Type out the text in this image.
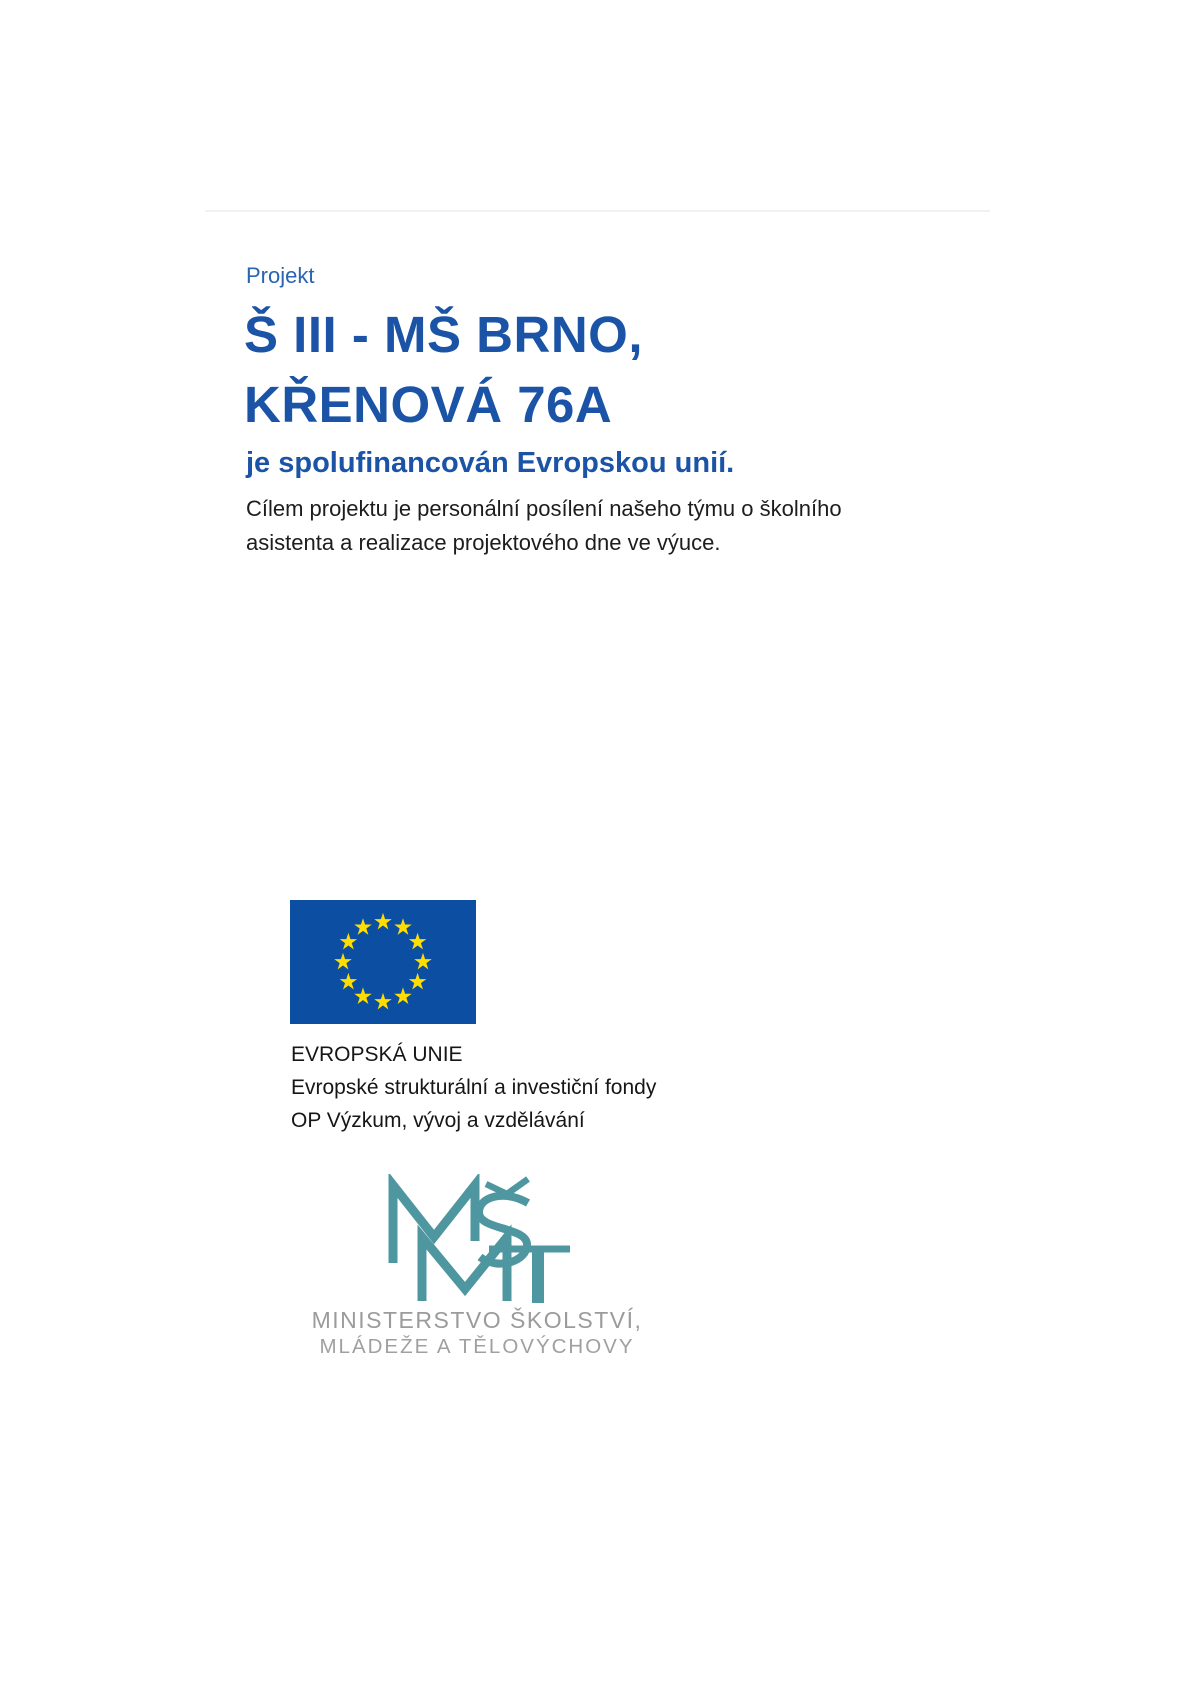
Projekt
Š III - MŠ BRNO,
KŘENOVÁ 76A
je spolufinancován Evropskou unií.

Cílem projektu je personální posílení našeho týmu o školního
asistenta a realizace projektového dne ve výuce.

EVROPSKÁ UNIE
Evropské strukturální a investiční fondy
OP Výzkum, vývoj a vzdělávání
MINISTERSTVO ŠKOLSTVÍ,
MLÁDEŽE A TĚLOVÝCHOVY
